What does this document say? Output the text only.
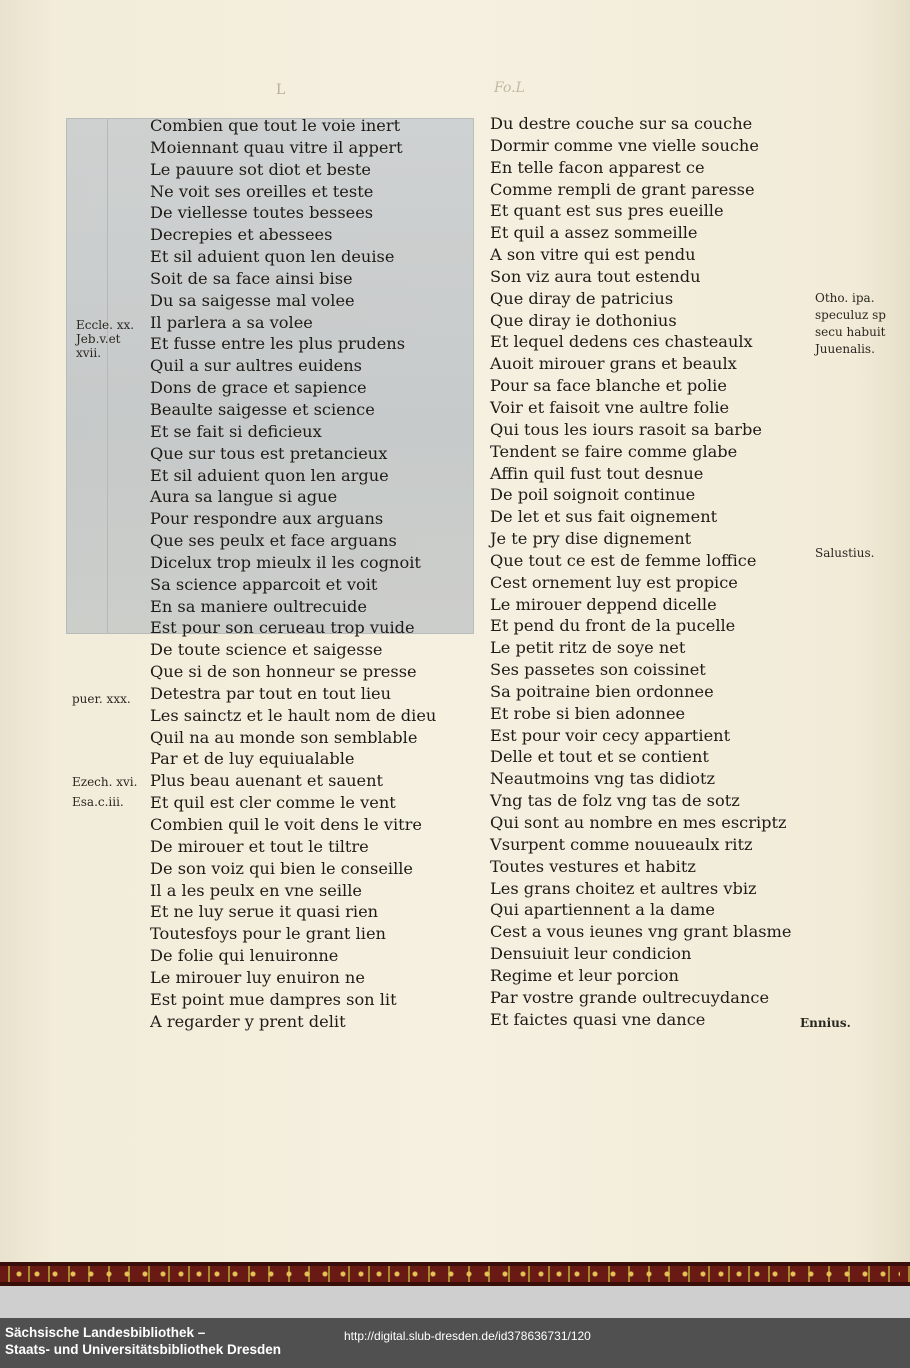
L	Fo.L
Combien que tout le voie inert
Moiennant quau vitre il appert
Le pauure sot diot et beste
Ne voit ses oreilles et teste
De viellesse toutes bessees
Decrepies et abessees
Et sil aduient quon len deuise
Soit de sa face ainsi bise
Du sa saigesse mal volee
Il parlera a sa volee
Et fusse entre les plus prudens
Quil a sur aultres euidens
Dons de grace et sapience
Beaulte saigesse et science
Et se fait si deficieux
Que sur tous est pretancieux
Et sil aduient quon len argue
Aura sa langue si ague
Pour respondre aux arguans
Que ses peulx et face arguans
Dicelux trop mieulx il les cognoit
Sa science apparcoit et voit
En sa maniere oultrecuide
Est pour son cerueau trop vuide
De toute science et saigesse
Que si de son honneur se presse
Detestra par tout en tout lieu
Les sainctz et le hault nom de dieu
Quil na au monde son semblable
Par et de luy equiualable
Plus beau auenant et sauent
Et quil est cler comme le vent
Combien quil le voit dens le vitre
De mirouer et tout le tiltre
De son voiz qui bien le conseille
Il a les peulx en vne seille
Et ne luy serue it quasi rien
Toutesfoys pour le grant lien
De folie qui lenuironne
Le mirouer luy enuiron ne
Est point mue dampres son lit
A regarder y prent delit
Du destre couche sur sa couche
Dormir comme vne vielle souche
En telle facon apparest ce
Comme rempli de grant paresse
Et quant est sus pres eueille
Et quil a assez sommeille
A son vitre qui est pendu
Son viz aura tout estendu
Que diray de patricius
Que diray ie dothonius
Et lequel dedens ces chasteaulx
Auoit mirouer grans et beaulx
Pour sa face blanche et polie
Voir et faisoit vne aultre folie
Qui tous les iours rasoit sa barbe
Tendent se faire comme glabe
Affin quil fust tout desnue
De poil soignoit continue
De let et sus fait oignement
Je te pry dise dignement
Que tout ce est de femme loffice
Cest ornement luy est propice
Le mirouer deppend dicelle
Et pend du front de la pucelle
Le petit ritz de soye net
Ses passetes son coissinet
Sa poitraine bien ordonnee
Et robe si bien adonnee
Est pour voir cecy appartient
Delle et tout et se contient
Neautmoins vng tas didiotz
Vng tas de folz vng tas de sotz
Qui sont au nombre en mes escriptz
Vsurpent comme nouueaulx ritz
Toutes vestures et habitz
Les grans choitez et aultres vbiz
Qui apartiennent a la dame
Cest a vous ieunes vng grant blasme
Densuiuit leur condicion
Regime et leur porcion
Par vostre grande oultrecuydance
Et faictes quasi vne dance
Eccle. xx.
Jeb.v.et
xvii.
puer. xxx.
Ezech. xvi.
Esa.c.iii.
Otho. ipa.
speculuz sp
secu habuit
Juuenalis.
Salustius.
Ennius.
Sächsische Landesbibliothek –
Staats- und Universitätsbibliothek Dresden
http://digital.slub-dresden.de/id378636731/120
